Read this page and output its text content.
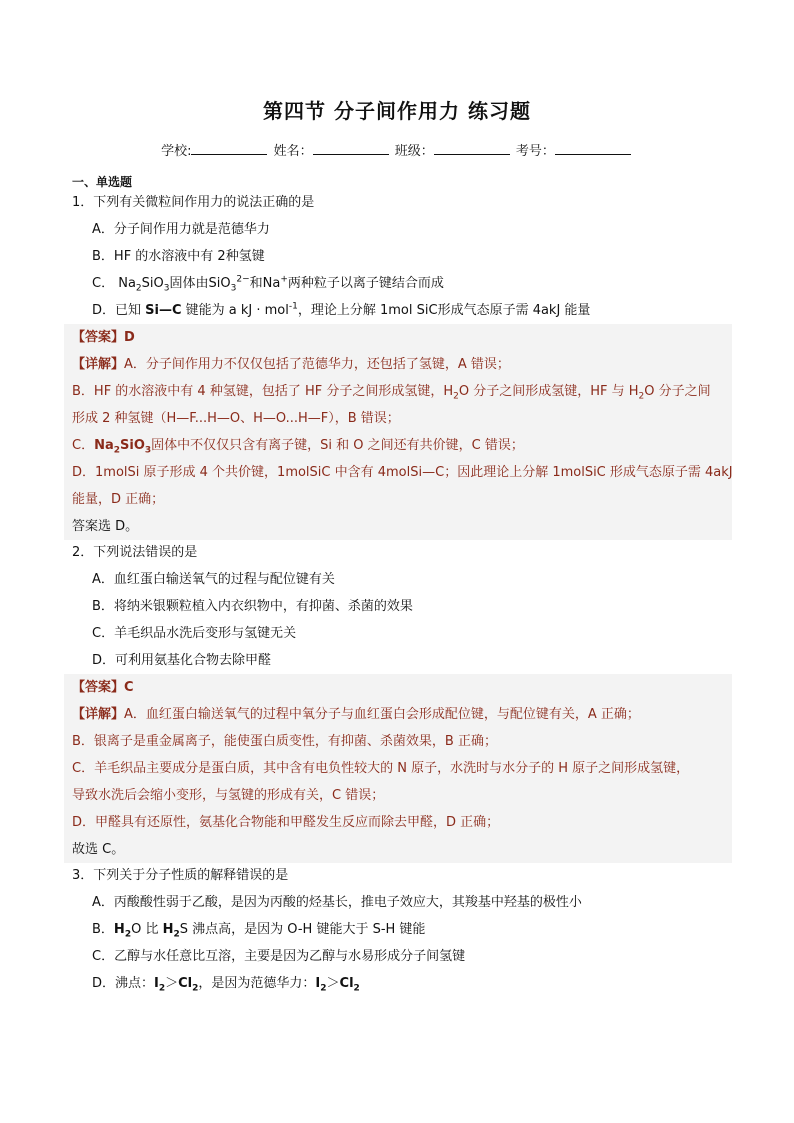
第四节 分子间作用力 练习题
学校:	姓名：	班级：	考号：
一、单选题
1．下列有关微粒间作用力的说法正确的是
A．分子间作用力就是范德华力
B．HF 的水溶液中有 2种氢键
C． $Na_2SiO_3$固体由SiO$_3^{2-}$和Na+两种粒子以离子键结合而成
D．已知 Si—C 键能为 a kJ · mol$^{-1}$，理论上分解 1mol SiC形成气态原子需 4akJ 能量
【答案】D
【详解】A．分子间作用力不仅仅包括了范德华力，还包括了氢键，A 错误；
B．HF 的水溶液中有 4 种氢键，包括了 HF 分子之间形成氢键，$H_2O$ 分子之间形成氢键，HF 与 $H_2O$ 分子之间
形成 2 种氢键（H—F...H—O、H—O...H—F），B 错误；
C．$Na_2SiO_3$固体中不仅仅只含有离子键，Si 和 O 之间还有共价键，C 错误；
D．1molSi 原子形成 4 个共价键，1molSiC 中含有 4molSi—C；因此理论上分解 1molSiC 形成气态原子需 4akJ
能量，D 正确；
答案选 D。
2．下列说法错误的是
A．血红蛋白输送氧气的过程与配位键有关
B．将纳米银颗粒植入内衣织物中，有抑菌、杀菌的效果
C．羊毛织品水洗后变形与氢键无关
D．可利用氨基化合物去除甲醛
【答案】C
【详解】A．血红蛋白输送氧气的过程中氧分子与血红蛋白会形成配位键，与配位键有关，A 正确；
B．银离子是重金属离子，能使蛋白质变性，有抑菌、杀菌效果，B 正确；
C．羊毛织品主要成分是蛋白质，其中含有电负性较大的 N 原子，水洗时与水分子的 H 原子之间形成氢键，
导致水洗后会缩小变形，与氢键的形成有关，C 错误；
D．甲醛具有还原性，氨基化合物能和甲醛发生反应而除去甲醛，D 正确；
故选 C。
3．下列关于分子性质的解释错误的是
A．丙酸酸性弱于乙酸，是因为丙酸的烃基长，推电子效应大，其羧基中羟基的极性小
B．$H_2O$ 比 $H_2S$ 沸点高，是因为 O-H 键能大于 S-H 键能
C．乙醇与水任意比互溶，主要是因为乙醇与水易形成分子间氢键
D．沸点：$I_2>Cl_2$，是因为范德华力：$I_2>Cl_2$
